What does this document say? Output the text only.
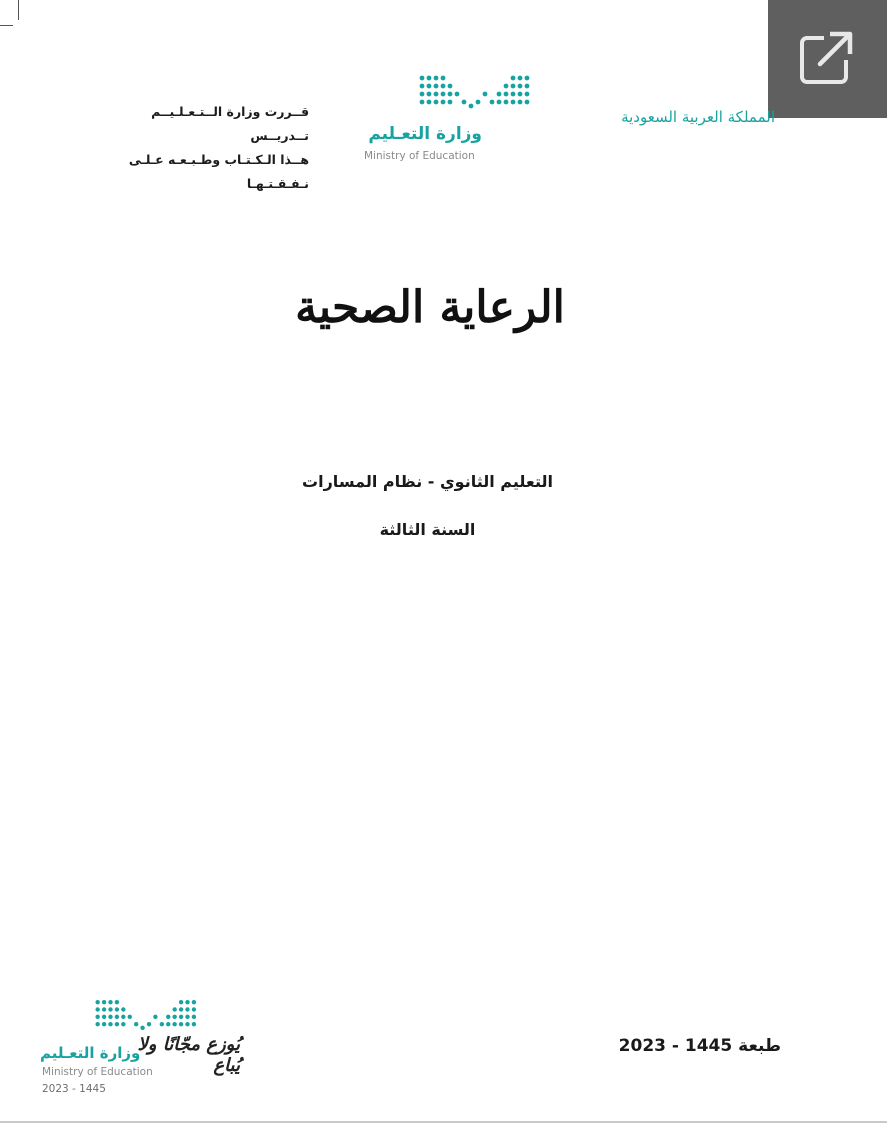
المملكة العربية السعودية
وزارة التعـليم
Ministry of Education
قــررت وزارة الــتـعـلـيــم تــدريــس
هــذا الـكـتـاب وطـبـعـه عـلـى نـفـقـتـهـا
الرعاية الصحية
التعليم الثانوي - نظام المسارات
السنة الثالثة
طبعة 1445 - 2023
وزارة التعـليم
يُوزع مجّانًا ولا يُباع
Ministry of Education
2023 - 1445
